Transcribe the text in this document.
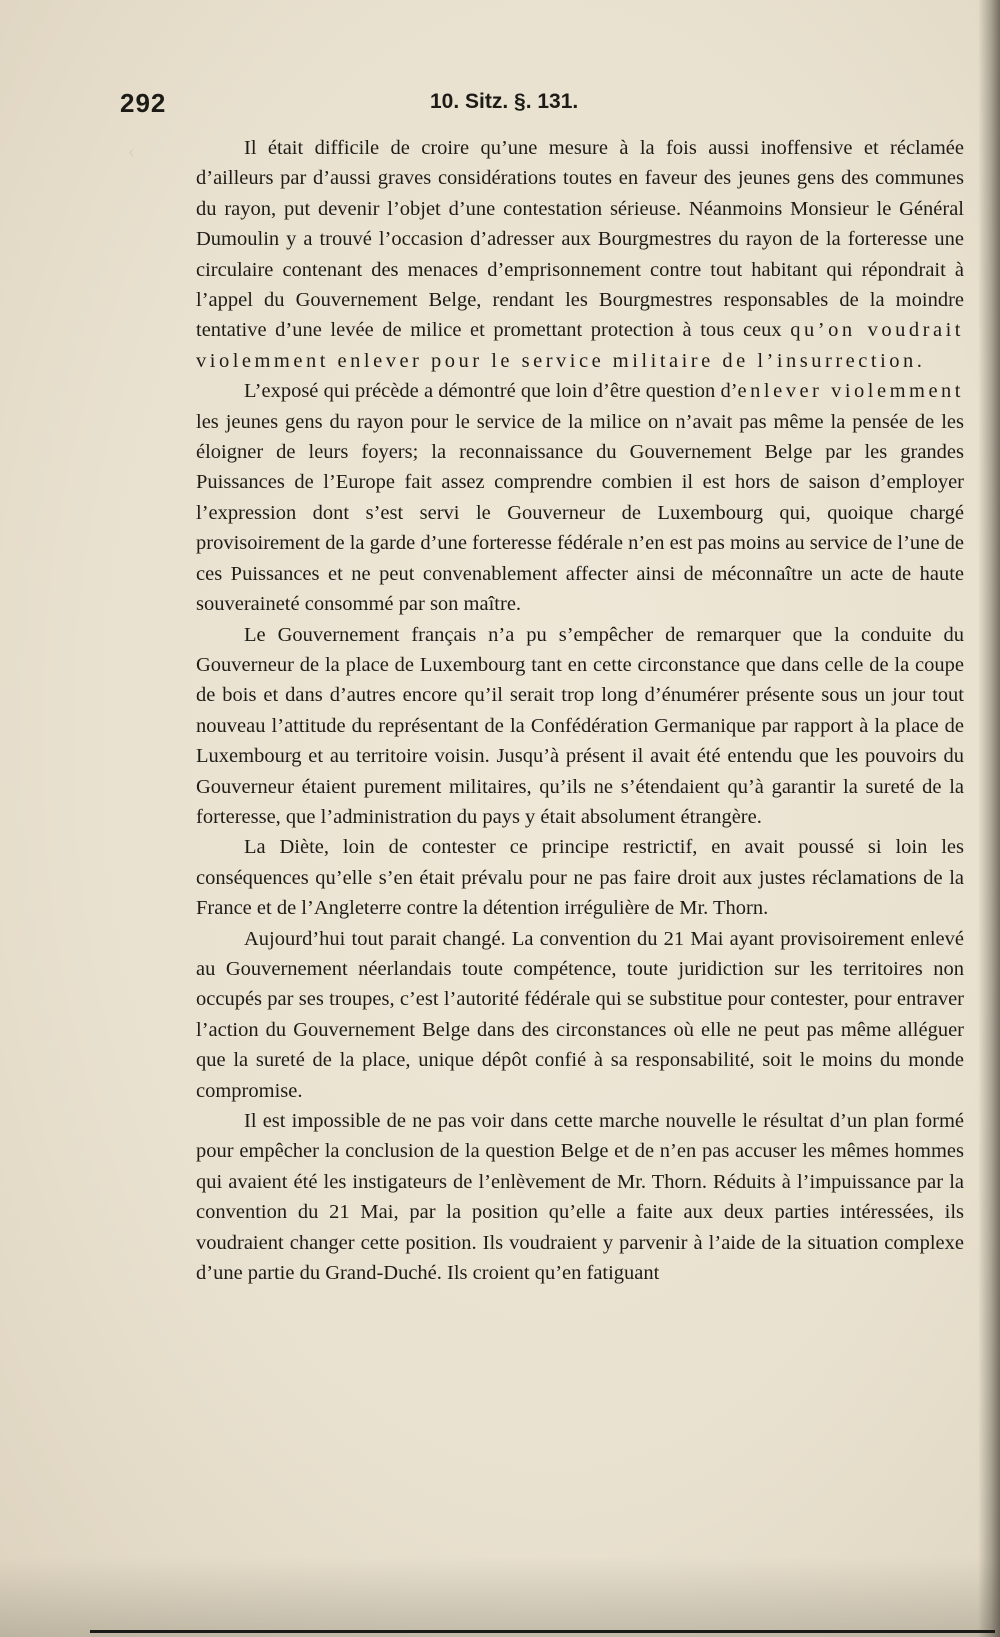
‹
292	10. Sitz. §. 131.

Il était difficile de croire qu’une mesure à la fois aussi inoffensive et réclamée d’ailleurs par d’aussi graves considérations toutes en faveur des jeunes gens des communes du rayon, put devenir l’objet d’une contestation sérieuse. Néanmoins Monsieur le Général Dumoulin y a trouvé l’occasion d’adresser aux Bourgmestres du rayon de la forteresse une circulaire contenant des menaces d’emprisonnement contre tout habitant qui répondrait à l’appel du Gouvernement Belge, rendant les Bourgmestres responsables de la moindre tentative d’une levée de milice et promettant protection à tous ceux qu’on voudrait violemment enlever pour le service militaire de l’insurrection.

L’exposé qui précède a démontré que loin d’être question d’enlever violemment les jeunes gens du rayon pour le service de la milice on n’avait pas même la pensée de les éloigner de leurs foyers; la reconnaissance du Gouvernement Belge par les grandes Puissances de l’Europe fait assez comprendre combien il est hors de saison d’employer l’expression dont s’est servi le Gouverneur de Luxembourg qui, quoique chargé provisoirement de la garde d’une forteresse fédérale n’en est pas moins au service de l’une de ces Puissances et ne peut convenablement affecter ainsi de méconnaître un acte de haute souveraineté consommé par son maître.

Le Gouvernement français n’a pu s’empêcher de remarquer que la conduite du Gouverneur de la place de Luxembourg tant en cette circonstance que dans celle de la coupe de bois et dans d’autres encore qu’il serait trop long d’énumérer présente sous un jour tout nouveau l’attitude du représentant de la Confédération Germanique par rapport à la place de Luxembourg et au territoire voisin. Jusqu’à présent il avait été entendu que les pouvoirs du Gouverneur étaient purement militaires, qu’ils ne s’étendaient qu’à garantir la sureté de la forteresse, que l’administration du pays y était absolument étrangère.

La Diète, loin de contester ce principe restrictif, en avait poussé si loin les conséquences qu’elle s’en était prévalu pour ne pas faire droit aux justes réclamations de la France et de l’Angleterre contre la détention irrégulière de Mr. Thorn.

Aujourd’hui tout parait changé. La convention du 21 Mai ayant provisoirement enlevé au Gouvernement néerlandais toute compétence, toute juridiction sur les territoires non occupés par ses troupes, c’est l’autorité fédérale qui se substitue pour contester, pour entraver l’action du Gouvernement Belge dans des circonstances où elle ne peut pas même alléguer que la sureté de la place, unique dépôt confié à sa responsabilité, soit le moins du monde compromise.

Il est impossible de ne pas voir dans cette marche nouvelle le résultat d’un plan formé pour empêcher la conclusion de la question Belge et de n’en pas accuser les mêmes hommes qui avaient été les instigateurs de l’enlèvement de Mr. Thorn. Réduits à l’impuissance par la convention du 21 Mai, par la position qu’elle a faite aux deux parties intéressées, ils voudraient changer cette position. Ils voudraient y parvenir à l’aide de la situation complexe d’une partie du Grand-Duché. Ils croient qu’en fatiguant
